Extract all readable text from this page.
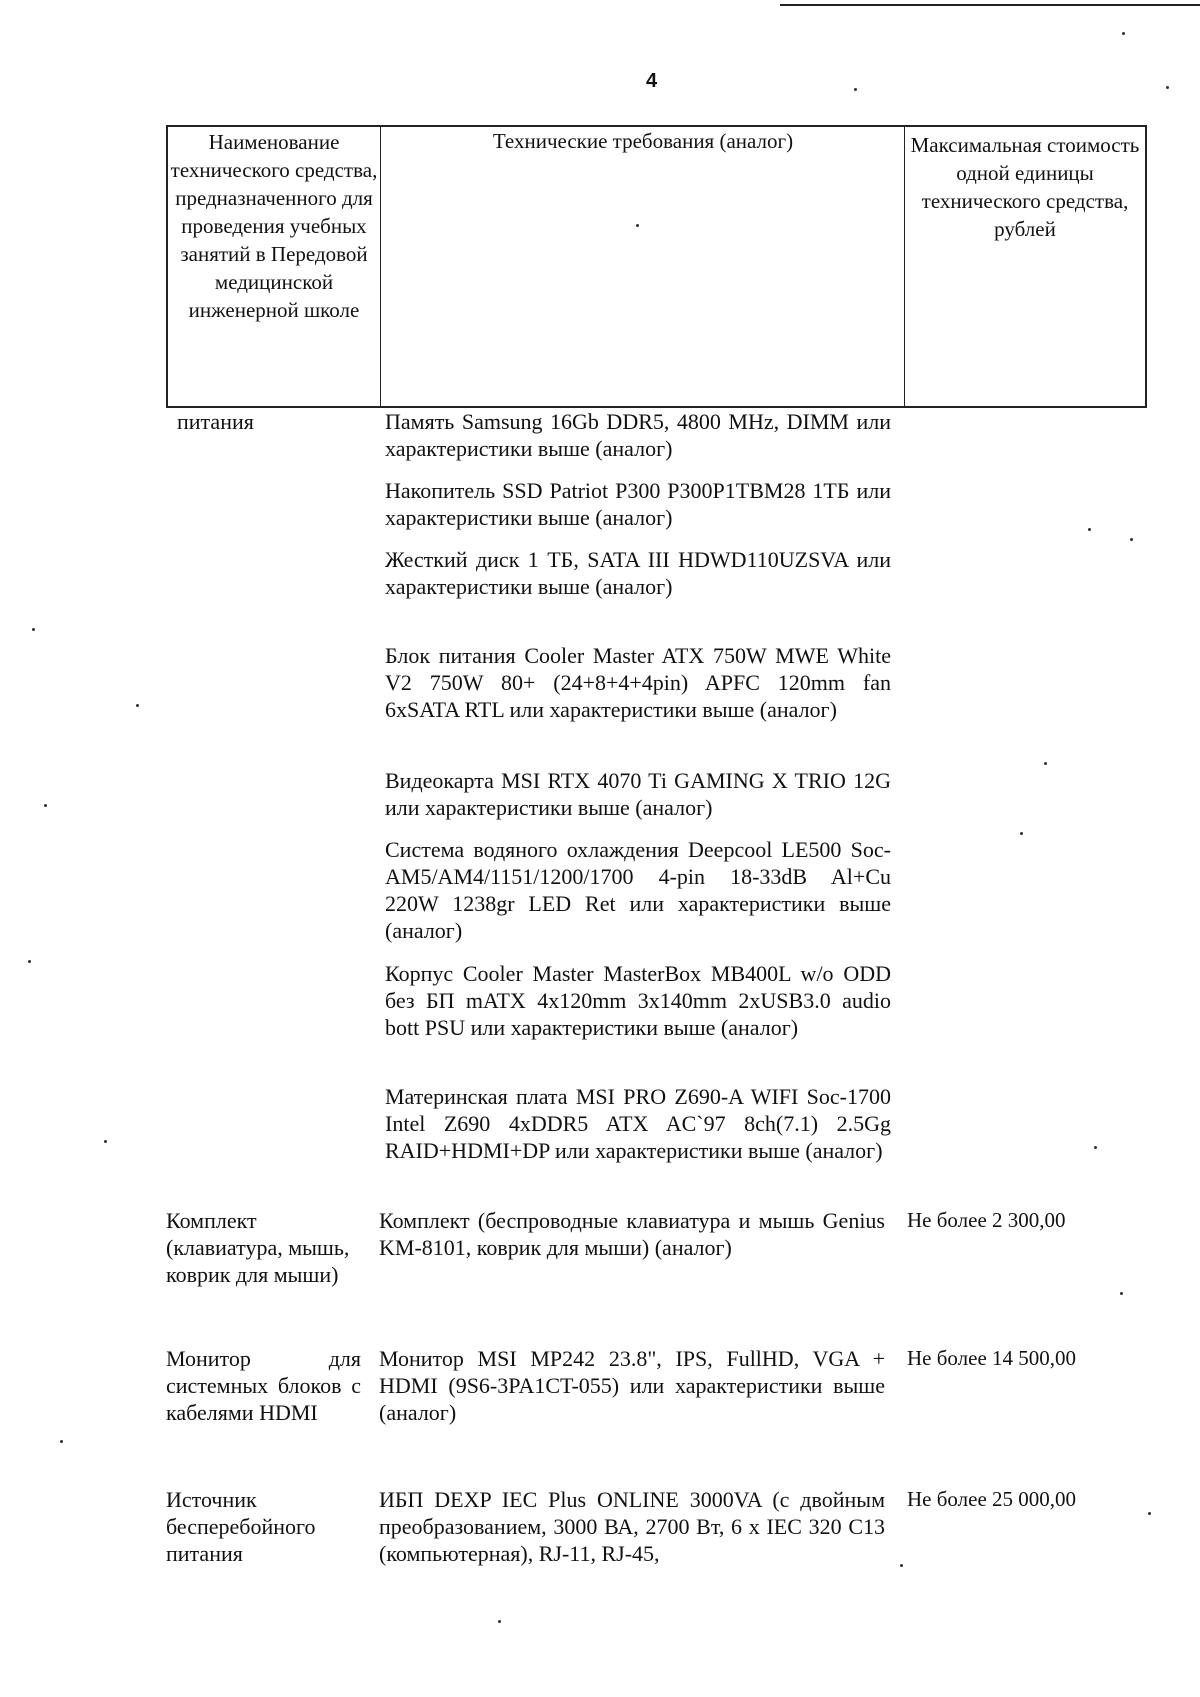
4
Наименование технического средства, предназначенного для проведения учебных занятий в Передовой медицинской инженерной школе
Технические требования (аналог)	Максимальная стоимость одной единицы технического средства, рублей
питания	Память Samsung 16Gb DDR5, 4800 MHz, DIMM или характеристики выше (аналог)
Накопитель SSD Patriot P300 P300P1TBM28 1ТБ или характеристики выше (аналог)
Жесткий диск 1 ТБ, SATA III HDWD110UZSVA или характеристики выше (аналог)
Блок питания Cooler Master ATX 750W MWE White V2 750W 80+ (24+8+4+4pin) APFC 120mm fan 6xSATA RTL или характеристики выше (аналог)
Видеокарта MSI RTX 4070 Ti GAMING X TRIO 12G или характеристики выше (аналог)
Система водяного охлаждения Deepcool LE500 Soc-AM5/AM4/1151/1200/1700 4-pin 18-33dB Al+Cu 220W 1238gr LED Ret или характеристики выше (аналог)
Корпус Cooler Master MasterBox MB400L w/o ODD без БП mATX 4x120mm 3x140mm 2xUSB3.0 audio bott PSU или характеристики выше (аналог)
Материнская плата MSI PRO Z690-A WIFI Soc-1700 Intel Z690 4xDDR5 ATX AC`97 8ch(7.1) 2.5Gg RAID+HDMI+DP или характеристики выше (аналог)
Комплект (клавиатура, мышь, коврик для мыши)
Комплект (беспроводные клавиатура и мышь Genius KM-8101, коврик для мыши) (аналог)
Не более 2 300,00
Монитор для системных блоков с кабелями HDMI
Монитор MSI MP242 23.8", IPS, FullHD, VGA + HDMI (9S6-3PA1CT-055) или характеристики выше (аналог)
Не более 14 500,00
Источник бесперебойного питания
ИБП DEXP IEC Plus ONLINE 3000VA (с двойным преобразованием, 3000 ВА, 2700 Вт, 6 x IEC 320 C13 (компьютерная), RJ-11, RJ-45,
Не более 25 000,00
